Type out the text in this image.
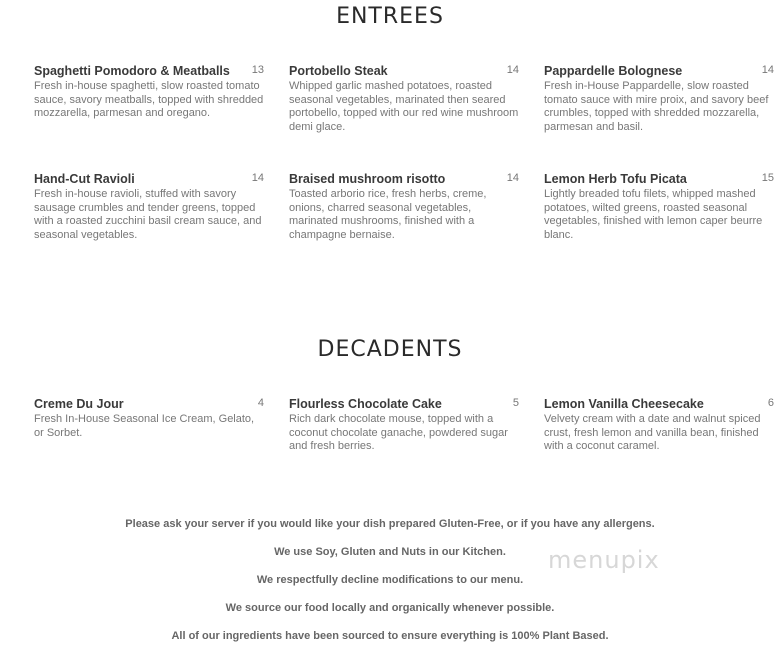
ENTREES
Spaghetti Pomodoro & Meatballs	13
Fresh in-house spaghetti, slow roasted tomato sauce, savory meatballs, topped with shredded mozzarella, parmesan and oregano.
Portobello Steak	14
Whipped garlic mashed potatoes, roasted seasonal vegetables, marinated then seared portobello, topped with our red wine mushroom demi glace.
Pappardelle Bolognese	14
Fresh in-House Pappardelle, slow roasted tomato sauce with mire proix, and savory beef crumbles, topped with shredded mozzarella, parmesan and basil.
Hand-Cut Ravioli	14
Fresh in-house ravioli, stuffed with savory sausage crumbles and tender greens, topped with a roasted zucchini basil cream sauce, and seasonal vegetables.
Braised mushroom risotto	14
Toasted arborio rice, fresh herbs, creme, onions, charred seasonal vegetables, marinated mushrooms, finished with a champagne bernaise.
Lemon Herb Tofu Picata	15
Lightly breaded tofu filets, whipped mashed potatoes, wilted greens, roasted seasonal vegetables, finished with lemon caper beurre blanc.
DECADENTS
Creme Du Jour	4
Fresh In-House Seasonal Ice Cream, Gelato, or Sorbet.
Flourless Chocolate Cake	5
Rich dark chocolate mouse, topped with a coconut chocolate ganache, powdered sugar and fresh berries.
Lemon Vanilla Cheesecake	6
Velvety cream with a date and walnut spiced crust, fresh lemon and vanilla bean, finished with a coconut caramel.
Please ask your server if you would like your dish prepared Gluten-Free, or if you have any allergens.
We use Soy, Gluten and Nuts in our Kitchen.
We respectfully decline modifications to our menu.
We source our food locally and organically whenever possible.
All of our ingredients have been sourced to ensure everything is 100% Plant Based.
menupix
